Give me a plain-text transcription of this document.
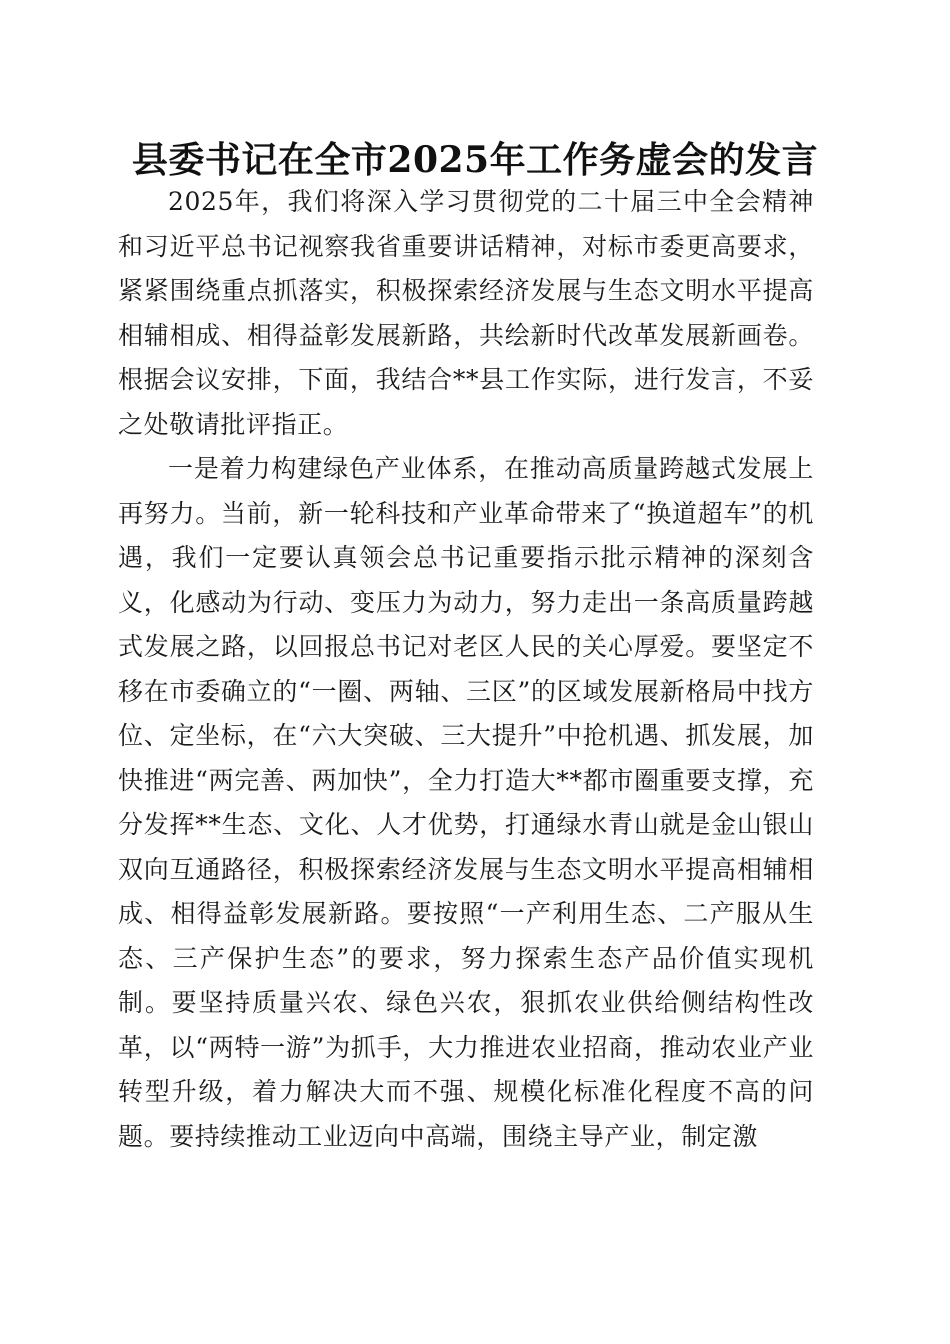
县委书记在全市2025年工作务虚会的发言

2025年，我们将深入学习贯彻党的二十届三中全会精神和习近平总书记视察我省重要讲话精神，对标市委更高要求，紧紧围绕重点抓落实，积极探索经济发展与生态文明水平提高相辅相成、相得益彰发展新路，共绘新时代改革发展新画卷。根据会议安排，下面，我结合**县工作实际，进行发言，不妥之处敬请批评指正。

一是着力构建绿色产业体系，在推动高质量跨越式发展上再努力。当前，新一轮科技和产业革命带来了“换道超车”的机遇，我们一定要认真领会总书记重要指示批示精神的深刻含义，化感动为行动、变压力为动力，努力走出一条高质量跨越式发展之路，以回报总书记对老区人民的关心厚爱。要坚定不移在市委确立的“一圈、两轴、三区”的区域发展新格局中找方位、定坐标，在“六大突破、三大提升”中抢机遇、抓发展，加快推进“两完善、两加快”，全力打造大**都市圈重要支撑，充分发挥**生态、文化、人才优势，打通绿水青山就是金山银山双向互通路径，积极探索经济发展与生态文明水平提高相辅相成、相得益彰发展新路。要按照“一产利用生态、二产服从生态、三产保护生态”的要求，努力探索生态产品价值实现机制。要坚持质量兴农、绿色兴农，狠抓农业供给侧结构性改革，以“两特一游”为抓手，大力推进农业招商，推动农业产业转型升级，着力解决大而不强、规模化标准化程度不高的问题。要持续推动工业迈向中高端，围绕主导产业，制定激
